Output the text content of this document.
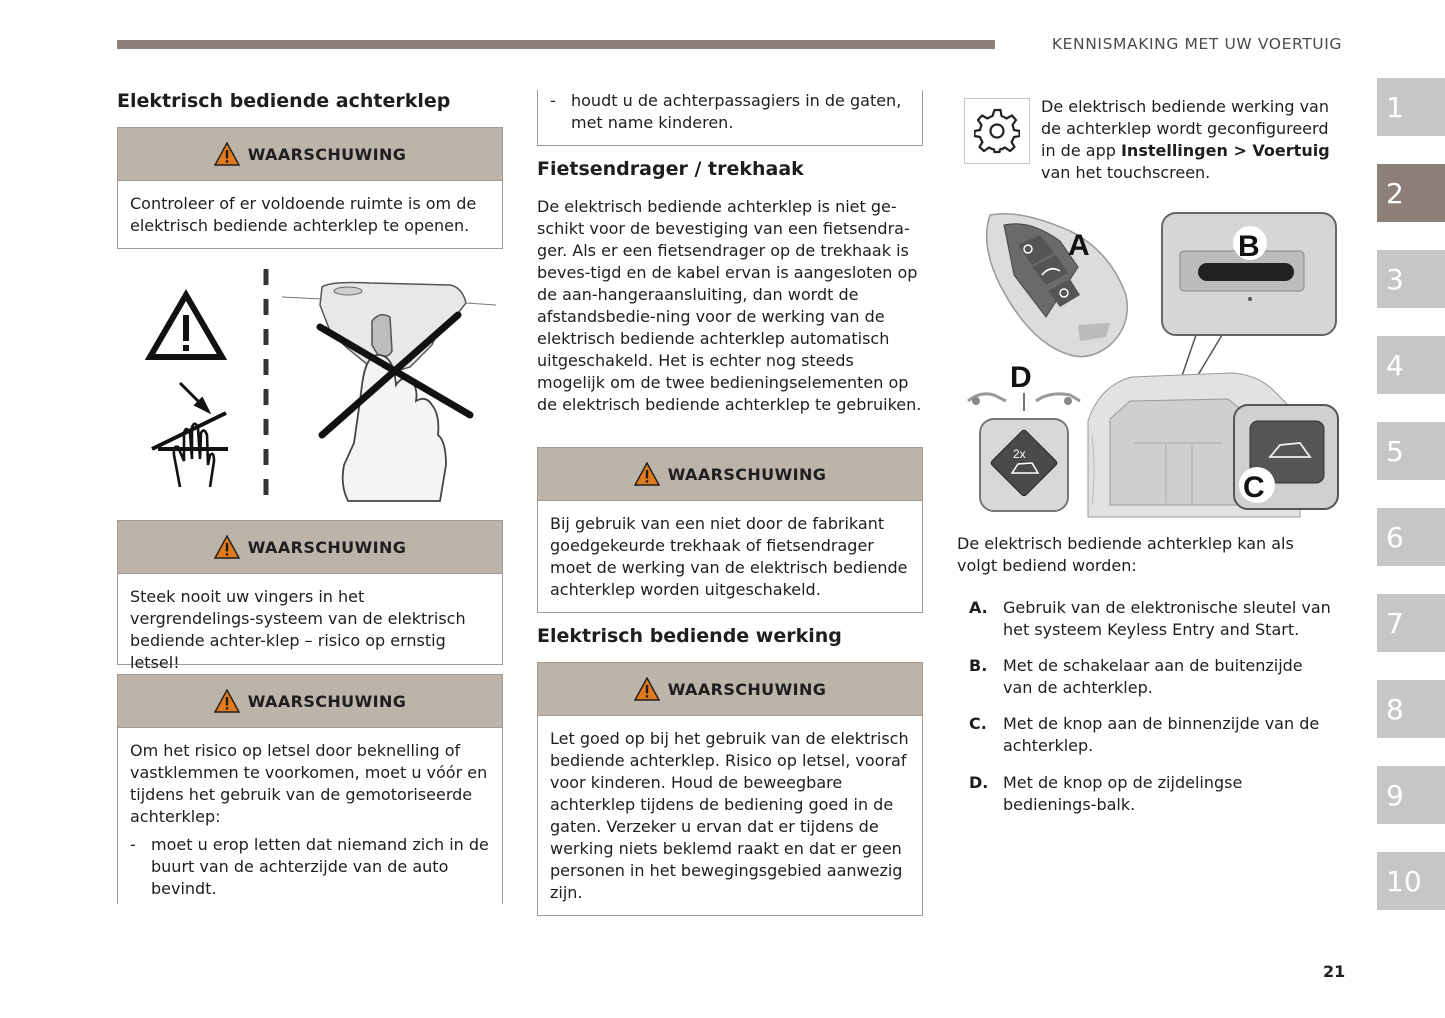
KENNISMAKING MET UW VOERTUIG
Elektrisch bediende achterklep
WAARSCHUWING
Controleer of er voldoende ruimte is om de elektrisch bediende achterklep te openen.
WAARSCHUWING
Steek nooit uw vingers in het vergrendelings-systeem van de elektrisch bediende achter-klep – risico op ernstig letsel!
WAARSCHUWING
Om het risico op letsel door beknelling of vastklemmen te voorkomen, moet u vóór en tijdens het gebruik van de gemotoriseerde achterklep:
- moet u erop letten dat niemand zich in de buurt van de achterzijde van de auto bevindt.
- houdt u de achterpassagiers in de gaten, met name kinderen.
Fietsendrager / trekhaak
De elektrisch bediende achterklep is niet ge-schikt voor de bevestiging van een fietsendra-ger. Als er een fietsendrager op de trekhaak is beves-tigd en de kabel ervan is aangesloten op de aan-hangeraansluiting, dan wordt de afstandsbedie-ning voor de werking van de elektrisch bediende achterklep automatisch uitgeschakeld. Het is echter nog steeds mogelijk om de twee bedieningselementen op de elektrisch bediende achterklep te gebruiken.
WAARSCHUWING
Bij gebruik van een niet door de fabrikant goedgekeurde trekhaak of fietsendrager moet de werking van de elektrisch bediende achterklep worden uitgeschakeld.
Elektrisch bediende werking
WAARSCHUWING
Let goed op bij het gebruik van de elektrisch bediende achterklep. Risico op letsel, vooraf voor kinderen. Houd de beweegbare achterklep tijdens de bediening goed in de gaten. Verzeker u ervan dat er tijdens de werking niets beklemd raakt en dat er geen personen in het bewegingsgebied aanwezig zijn.
De elektrisch bediende werking van de achterklep wordt geconfigureerd in de app Instellingen > Voertuig van het touchscreen.
A	B
C
D
2x
De elektrisch bediende achterklep kan als volgt bediend worden:
A. Gebruik van de elektronische sleutel van het systeem Keyless Entry and Start.
B. Met de schakelaar aan de buitenzijde van de achterklep.
C.	Met de knop aan de binnenzijde van de achterklep.
D. Met de knop op de zijdelingse bedienings-balk.
1
2
3
4
5
6
7
8
9
10
21
